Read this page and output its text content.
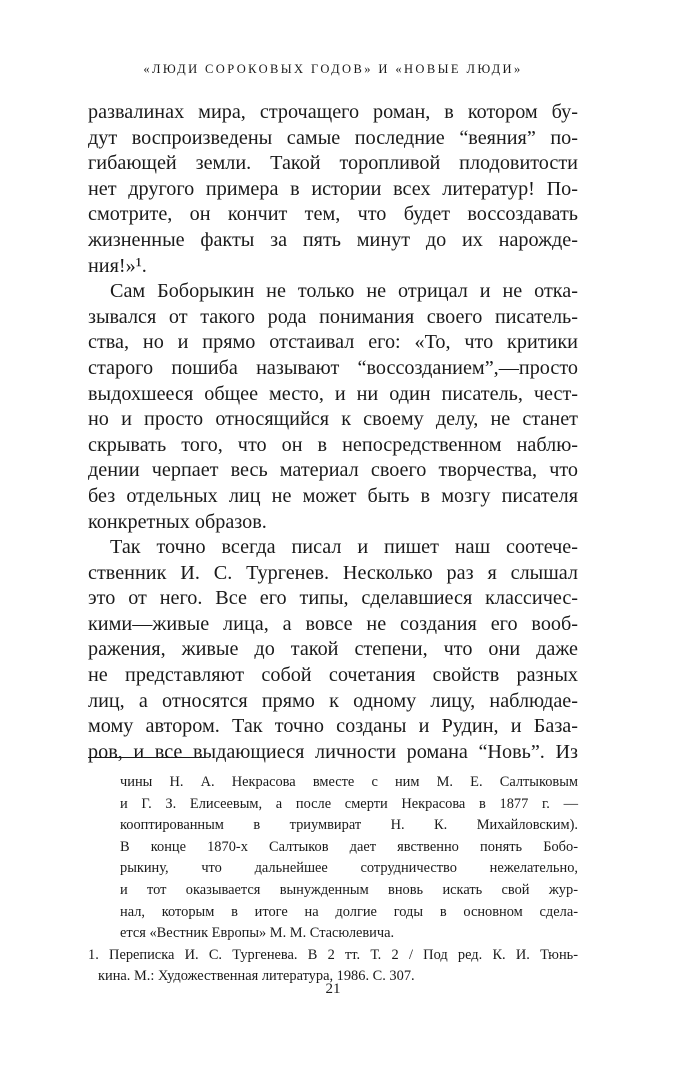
«ЛЮДИ СОРОКОВЫХ ГОДОВ» И «НОВЫЕ ЛЮДИ»
развалинах мира, строчащего роман, в котором бу-
дут воспроизведены самые последние “веяния” по-
гибающей земли. Такой торопливой плодовитости
нет другого примера в истории всех литератур! По-
смотрите, он кончит тем, что будет воссоздавать
жизненные факты за пять минут до их нарожде-
ния!»¹.
Сам Боборыкин не только не отрицал и не отка-
зывался от такого рода понимания своего писатель-
ства, но и прямо отстаивал его: «То, что критики
старого пошиба называют “воссозданием”,—просто
выдохшееся общее место, и ни один писатель, чест-
но и просто относящийся к своему делу, не станет
скрывать того, что он в непосредственном наблю-
дении черпает весь материал своего творчества, что
без отдельных лиц не может быть в мозгу писателя
конкретных образов.
Так точно всегда писал и пишет наш соотече-
ственник И. С. Тургенев. Несколько раз я слышал
это от него. Все его типы, сделавшиеся классичес-
кими—живые лица, а вовсе не создания его вооб-
ражения, живые до такой степени, что они даже
не представляют собой сочетания свойств разных
лиц, а относятся прямо к одному лицу, наблюдае-
мому автором. Так точно созданы и Рудин, и База-
ров, и все выдающиеся личности романа “Новь”. Из
чины Н. А. Некрасова вместе с ним М. Е. Салтыковым
и Г. З. Елисеевым, а после смерти Некрасова в 1877 г. —
кооптированным в триумвират Н. К. Михайловским).
В конце 1870-х Салтыков дает явственно понять Бобо-
рыкину, что дальнейшее сотрудничество нежелательно,
и тот оказывается вынужденным вновь искать свой жур-
нал, которым в итоге на долгие годы в основном сдела-
ется «Вестник Европы» М. М. Стасюлевича.
1. Переписка И. С. Тургенева. В 2 тт. Т. 2 / Под ред. К. И. Тюнь-
кина. М.: Художественная литература, 1986. С. 307.
21
